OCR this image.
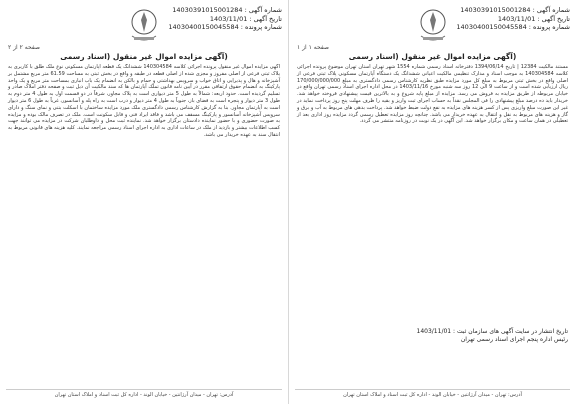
شماره آگهی : 14030391015001284
تاریخ آگهی : 1403/11/01
شماره پرونده : 14030400150045584
صفحه ۲ از ۲
(آگهی مزایده اموال غیر منقول (اسناد رسمی
آگهی مزایده اموال غیر منقول پرونده اجرائی کلاسه 140304584 ششدانگ یک قطعه آپارتمان مسکونی نوع ملک طلق با کاربری به پلاک ثبتی فرعی از اصلی مفروز و مجزی شده از اصلی قطعه در طبقه و واقع در بخش ثبتی به مساحت 61.59 متر مربع مشتمل بر آشپزخانه و هال و پذیرایی و اتاق خواب و سرویس بهداشتی و حمام و بالکن به انضمام یک باب انباری بمساحت متر مربع و یک واحد پارکینگ به انضمام حقوق ارتفاقی مقرر در آیین نامه قانون تملک آپارتمان ها که سند مالکیت آن ذیل ثبت و صفحه دفتر املاک صادر و تسلیم گردیده است. حدود اربعه: شمالاً به طول 5 متر دیواری است به پلاک مجاور، شرقاً در دو قسمت اول به طول 4 متر دوم به طول 3 متر دیوار و پنجره است به فضای باز، جنوباً به طول 4 متر دیوار و درب است به راه پله و آسانسور، غرباً به طول 6 متر دیوار است به آپارتمان مجاور. بنا به گزارش کارشناس رسمی دادگستری ملک مورد مزایده ساختمان با اسکلت بتنی و نمای سنگ و دارای سرویس آشپزخانه آسانسور و پارکینگ مسقف می باشد و فاقد ایراد فنی و قابل سکونت است. ملک در تصرف مالک بوده و مزایده به صورت حضوری و با حضور نماینده دادستان برگزار خواهد شد. نماینده ثبت محل و داوطلبان شرکت در مزایده می توانند جهت کسب اطلاعات بیشتر و بازدید از ملک در ساعات اداری به اداره اجرای اسناد رسمی مراجعه نمایند. کلیه هزینه های قانونی مربوط به انتقال سند به عهده خریدار می باشد.
آدرس: تهران - میدان آرژانتین - خیابان الوند - اداره کل ثبت اسناد و املاک استان تهران
شماره آگهی : 14030391015001284
تاریخ آگهی : 1403/11/01
شماره پرونده : 14030400150045584
صفحه ۱ از ۱
(آگهی مزایده اموال غیر منقول (اسناد رسمی
مستند مالکیت 12384 | تاریخ 1394/06/14 دفترخانه اسناد رسمی شماره 1554 شهر تهران استان تهران موضوع پرونده اجرائی کلاسه 140304584 به موجب اسناد و مدارک تنظیمی مالکیت اعیانی ششدانگ یک دستگاه آپارتمان مسکونی پلاک ثبتی فرعی از اصلی واقع در بخش ثبتی مربوط به مبلغ کل مورد مزایده طبق نظریه کارشناس رسمی دادگستری به مبلغ 170/000/000/000 ریال ارزیابی شده است و از ساعت 9 الی 12 روز سه شنبه مورخ 1403/11/16 در محل اداره اجرای اسناد رسمی تهران واقع در خیابان مربوطه از طریق مزایده به فروش می رسد. مزایده از مبلغ پایه شروع و به بالاترین قیمت پیشنهادی فروخته خواهد شد. خریدار باید ده درصد مبلغ پیشنهادی را فی المجلس نقداً به حساب اجرای ثبت واریز و بقیه را ظرف مهلت پنج روز پرداخت نماید در غیر این صورت مبلغ واریزی پس از کسر هزینه های مزایده به نفع دولت ضبط خواهد شد. پرداخت بدهی های مربوط به آب و برق و گاز و هزینه های مربوط به نقل و انتقال به عهده خریدار می باشد. چنانچه روز مزایده تعطیل رسمی گردد مزایده روز اداری بعد از تعطیلی در همان ساعت و مکان برگزار خواهد شد. این آگهی در یک نوبت در روزنامه منتشر می گردد.
تاریخ انتشار در سایت آگهی های سازمان ثبت : 1403/11/01
رئیس اداره پنجم اجرای اسناد رسمی تهران
آدرس: تهران - میدان آرژانتین - خیابان الوند - اداره کل ثبت اسناد و املاک استان تهران
